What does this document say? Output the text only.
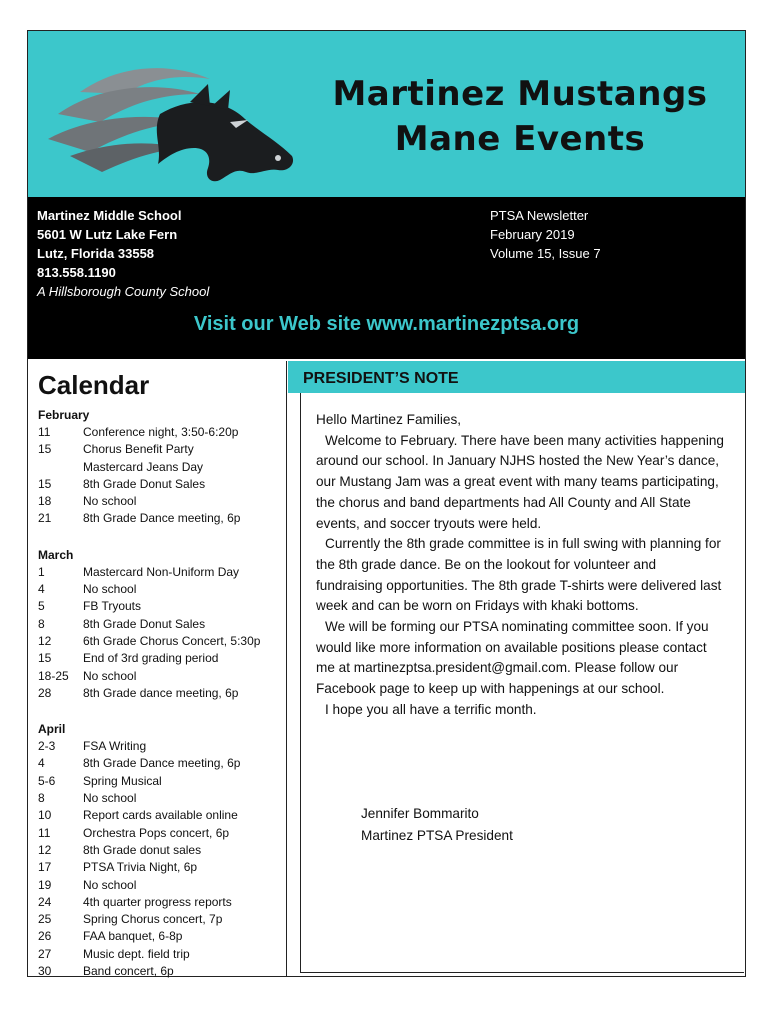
Martinez Mustangs
Mane Events
Martinez Middle School
5601 W Lutz Lake Fern
Lutz, Florida 33558
813.558.1190
A Hillsborough County School
PTSA Newsletter
February 2019
Volume 15, Issue 7
Visit our Web site www.martinezptsa.org
Calendar
February
11	Conference night, 3:50-6:20p
15	Chorus Benefit Party
Mastercard Jeans Day
15	8th Grade Donut Sales
18	No school
21	8th Grade Dance meeting, 6p
March
1	Mastercard Non-Uniform Day
4	No school
5	FB Tryouts
8	8th Grade Donut Sales
12	6th Grade Chorus Concert, 5:30p
15	End of 3rd grading period
18-25	No school
28	8th Grade dance meeting, 6p
April
2-3	FSA Writing
4	8th Grade Dance meeting, 6p
5-6	Spring Musical
8	No school
10	Report cards available online
11	Orchestra Pops concert, 6p
12	8th Grade donut sales
17	PTSA Trivia Night, 6p
19	No school
24	4th quarter progress reports
25	Spring Chorus concert, 7p
26	FAA banquet, 6-8p
27	Music dept. field trip
30	Band concert, 6p
PRESIDENT’S NOTE

Hello Martinez Families,

Welcome to February. There have been many activities happening around our school. In January NJHS hosted the New Year’s dance, our Mustang Jam was a great event with many teams participating, the chorus and band departments had All County and All State events, and soccer tryouts were held.

Currently the 8th grade committee is in full swing with planning for the 8th grade dance. Be on the lookout for volunteer and fundraising opportunities. The 8th grade T-shirts were delivered last week and can be worn on Fridays with khaki bottoms.

We will be forming our PTSA nominating committee soon. If you would like more information on available positions please contact me at martinezptsa.president@gmail.com. Please follow our Facebook page to keep up with happenings at our school.

I hope you all have a terrific month.

Jennifer Bommarito
Martinez PTSA President
